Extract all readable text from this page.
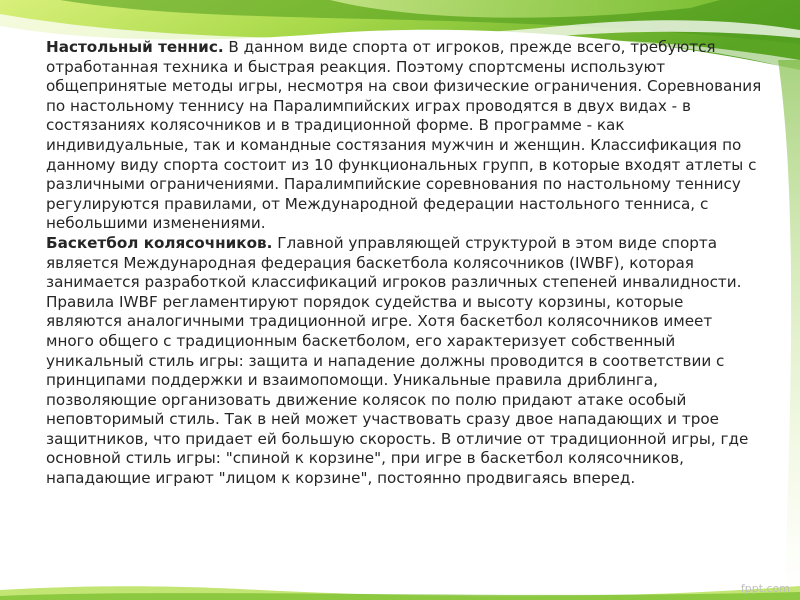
Настольный теннис. В данном виде спорта от игроков, прежде всего, требуются отработанная техника и быстрая реакция. Поэтому спортсмены используют общепринятые методы игры, несмотря на свои физические ограничения. Соревнования по настольному теннису на Паралимпийских играх проводятся в двух видах - в состязаниях колясочников и в традиционной форме. В программе - как индивидуальные, так и командные состязания мужчин и женщин. Классификация по данному виду спорта состоит из 10 функциональных групп, в которые входят атлеты с различными ограничениями. Паралимпийские соревнования по настольному теннису регулируются правилами, от Международной федерации настольного тенниса, с небольшими изменениями.

Баскетбол колясочников. Главной управляющей структурой в этом виде спорта является Международная федерация баскетбола колясочников (IWBF), которая занимается разработкой классификаций игроков различных степеней инвалидности. Правила IWBF регламентируют порядок судейства и высоту корзины, которые являются аналогичными традиционной игре. Хотя баскетбол колясочников имеет много общего с традиционным баскетболом, его характеризует собственный уникальный стиль игры: защита и нападение должны проводится в соответствии с принципами поддержки и взаимопомощи. Уникальные правила дриблинга, позволяющие организовать движение колясок по полю придают атаке особый неповторимый стиль. Так в ней может участвовать сразу двое нападающих и трое защитников, что придает ей большую скорость. В отличие от традиционной игры, где основной стиль игры: "спиной к корзине", при игре в баскетбол колясочников, нападающие играют "лицом к корзине", постоянно продвигаясь вперед.

fppt.com
